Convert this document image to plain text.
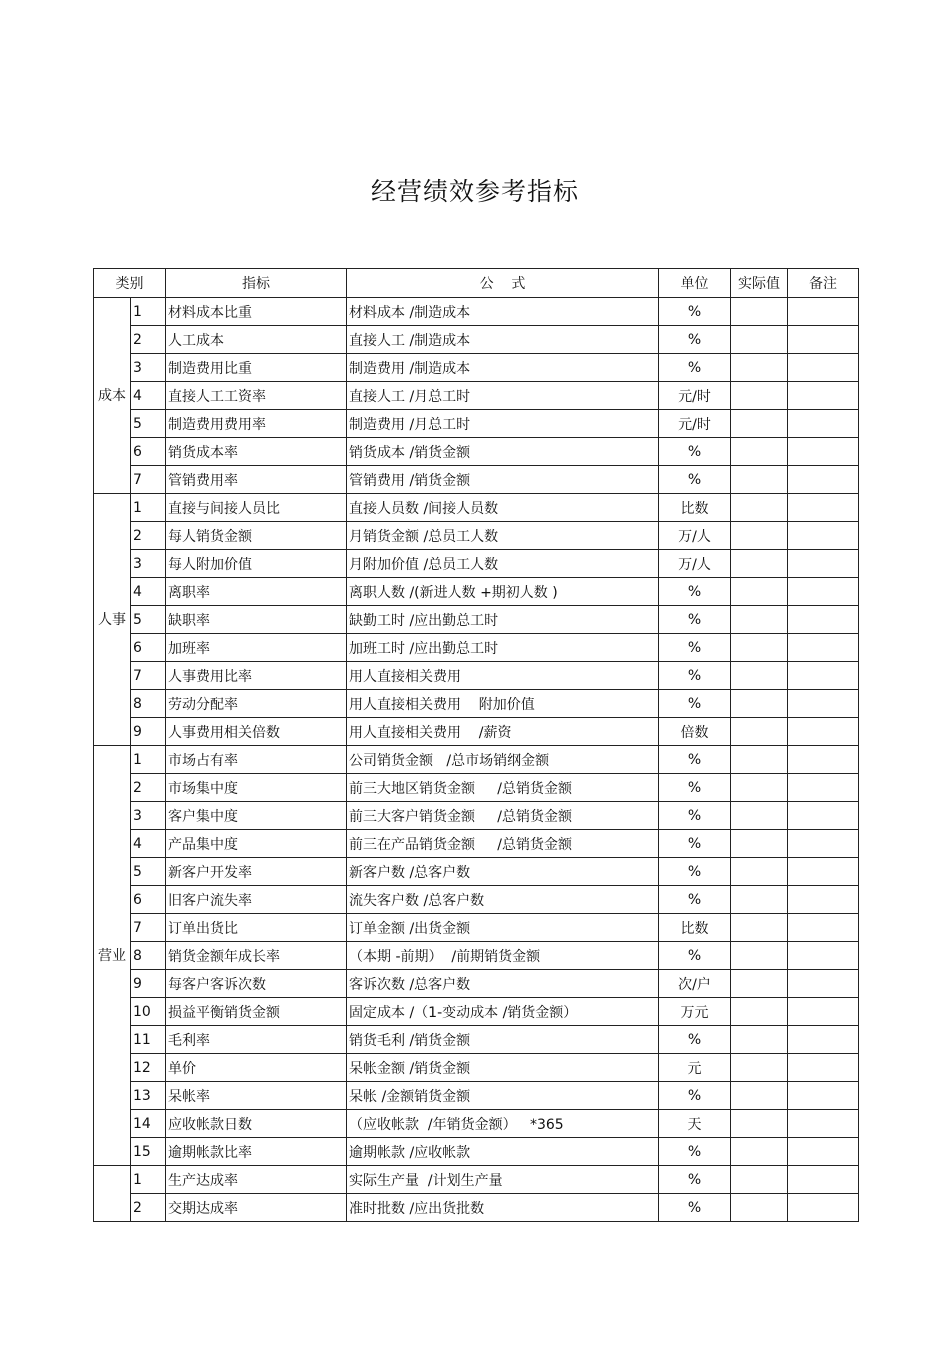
经营绩效参考指标
类别		指标	公    式	单位	实际值	备注
成本	1	材料成本比重	材料成本 /制造成本	%		
	2	人工成本	直接人工 /制造成本	%		
	3	制造费用比重	制造费用 /制造成本	%		
	4	直接人工工资率	直接人工 /月总工时	元/时		
	5	制造费用费用率	制造费用 /月总工时	元/时		
	6	销货成本率	销货成本 /销货金额	%		
	7	管销费用率	管销费用 /销货金额	%		
人事	1	直接与间接人员比	直接人员数 /间接人员数	比数		
	2	每人销货金额	月销货金额 /总员工人数	万/人		
	3	每人附加价值	月附加价值 /总员工人数	万/人		
	4	离职率	离职人数 /(新进人数 +期初人数 )	%		
	5	缺职率	缺勤工时 /应出勤总工时	%		
	6	加班率	加班工时 /应出勤总工时	%		
	7	人事费用比率	用人直接相关费用	%		
	8	劳动分配率	用人直接相关费用    附加价值	%		
	9	人事费用相关倍数	用人直接相关费用    /薪资	倍数		
营业	1	市场占有率	公司销货金额   /总市场销纲金额	%		
	2	市场集中度	前三大地区销货金额     /总销货金额	%		
	3	客户集中度	前三大客户销货金额     /总销货金额	%		
	4	产品集中度	前三在产品销货金额     /总销货金额	%		
	5	新客户开发率	新客户数 /总客户数	%		
	6	旧客户流失率	流失客户数 /总客户数	%		
	7	订单出货比	订单金额 /出货金额	比数		
	8	销货金额年成长率	（本期 -前期）  /前期销货金额	%		
	9	每客户客诉次数	客诉次数 /总客户数	次/户		
	10	损益平衡销货金额	固定成本 /（1-变动成本 /销货金额）	万元		
	11	毛利率	销货毛利 /销货金额	%		
	12	单价	呆帐金额 /销货金额	元		
	13	呆帐率	呆帐 /金额销货金额	%		
	14	应收帐款日数	（应收帐款  /年销货金额）   *365	天		
	15	逾期帐款比率	逾期帐款 /应收帐款	%		
	1	生产达成率	实际生产量  /计划生产量	%		
	2	交期达成率	准时批数 /应出货批数	%		
